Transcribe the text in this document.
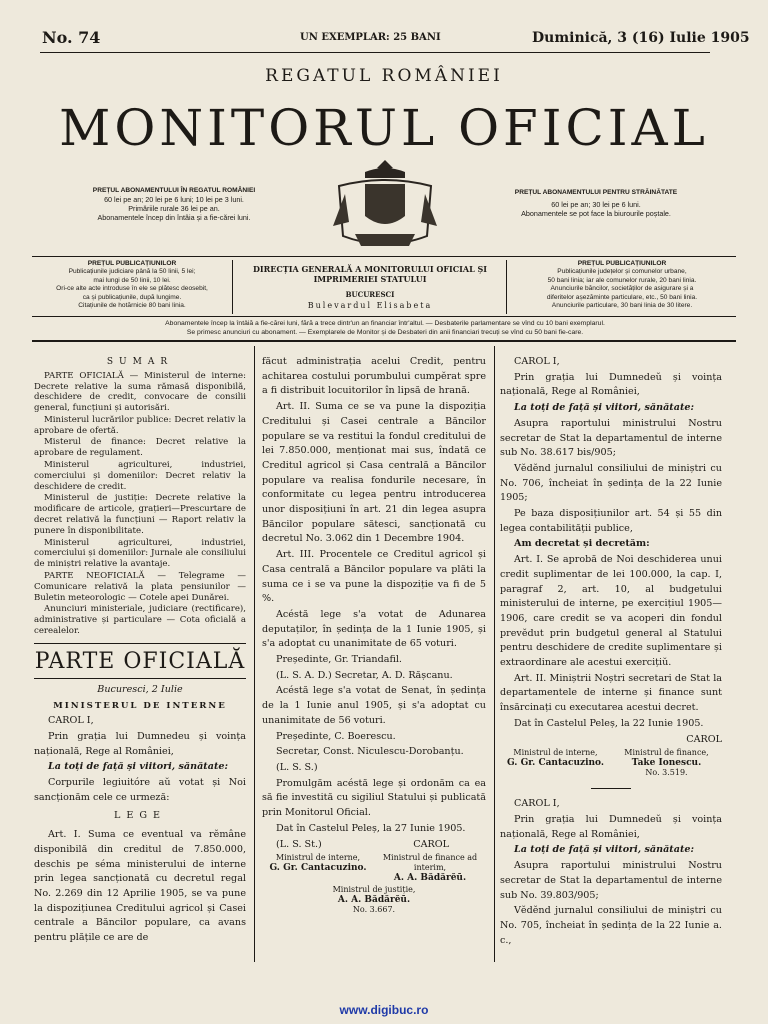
No. 74	UN EXEMPLAR: 25 BANI	Duminică, 3 (16) Iulie 1905
REGATUL ROMÂNIEI
MONITORUL OFICIAL
PREȚUL ABONAMENTULUI ÎN REGATUL ROMÂNIEI
60 lei pe an; 20 lei pe 6 luni; 10 lei pe 3 luni.
Primăriile rurale 36 lei pe an.
Abonamentele încep din întâia și a fie-cărei luni.
PREȚUL ABONAMENTULUI PENTRU STRĂINĂTATE
60 lei pe an; 30 lei pe 6 luni.
Abonamentele se pot face la biurourile poștale.
PREȚUL PUBLICAȚIUNILOR
Publicațiunile judiciare până la 50 linii, 5 lei;
mai lungi de 50 linii, 10 lei.
Ori-ce alte acte introduse în ele se plătesc deosebit,
ca și publicațiunile, după lungime.
Citațiunile de hotărnicie 80 bani linia.
DIRECȚIA GENERALĂ A MONITORULUI OFICIAL ȘI IMPRIMERIEI STATULUI
BUCURESCI
Bulevardul Elisabeta
PREȚUL PUBLICAȚIUNILOR
Publicațiunile județelor și comunelor urbane,
50 bani linia; iar ale comunelor rurale, 20 bani linia.
Anunciurile băncilor, societăților de asigurare și a
diferitelor așezăminte particulare, etc., 50 bani linia.
Anunciurile particulare, 30 bani linia de 30 litere.
Abonamentele încep la întâiă a fie-cărei luni, fără a trece dintr'un an financiar într'altul. — Desbaterile parlamentare se vînd cu 10 bani exemplarul.
Se primesc anunciuri cu abonament. — Exemplarele de Monitor și de Desbateri din anii financiari trecuți se vînd cu 50 bani fie-care.

SUMAR

PARTE OFICIALĂ — Ministerul de interne: Decrete relative la suma rămasă disponibilă, deschidere de credit, convocare de consilii general, funcțiuni și autorisări.

Ministerul lucrărilor publice: Decret relativ la aprobare de ofertă.

Misterul de finance: Decret relative la aprobare de regulament.

Ministerul agriculturei, industriei, comerciului și domeniilor: Decret relativ la deschidere de credit.

Ministerul de justiție: Decrete relative la modificare de articole, grațieri—Prescurtare de decret relativă la funcțiuni — Raport relativ la punere în disponibilitate.

Ministerul agriculturei, industriei, comerciului și domeniilor: Jurnale ale consiliului de miniștri relative la avantaje.

PARTE NEOFICIALĂ — Telegrame — Comunicare relativă la plata pensiunilor — Buletin meteorologic — Cotele apei Dunărei.

Anunciuri ministeriale, judiciare (rectificare), administrative și particulare — Cota oficială a cerealelor.

PARTE OFICIALĂ

Bucuresci, 2 Iulie

MINISTERUL DE INTERNE

CAROL I,

Prin grația lui Dumnedeu și voința națională, Rege al României,

La toți de față și viitori, sănătate:

Corpurile legiuitóre aŭ votat și Noi sancționăm cele ce urmeză:

LEGE

Art. I. Suma ce eventual va rĕmâne disponibilă din creditul de 7.850.000, deschis pe séma ministerului de interne prin legea sancționată cu decretul regal No. 2.269 din 12 Aprilie 1905, se va pune la dispozițiunea Creditului agricol și Casei centrale a Băncilor populare, ca avans pentru plățile ce are de

făcut administrația acelui Credit, pentru achitarea costului porumbului cumpĕrat spre a fi distribuit locuitorilor în lipsă de hrană.

Art. II. Suma ce se va pune la dispoziția Creditului și Casei centrale a Băncilor populare se va restitui la fondul creditului de lei 7.850.000, menționat mai sus, îndată ce Creditul agricol și Casa centrală a Băncilor populare va realisa fondurile necesare, în conformitate cu legea pentru introducerea unor disposițiuni în art. 21 din legea asupra Băncilor populare sătesci, sancționată cu decretul No. 3.062 din 1 Decembre 1904.

Art. III. Procentele ce Creditul agricol și Casa centrală a Băncilor populare va plăti la suma ce i se va pune la dispoziție va fi de 5 %.

Acéstă lege s'a votat de Adunarea deputaților, în ședința de la 1 Iunie 1905, și s'a adoptat cu unanimitate de 65 voturi.

Președinte, Gr. Triandafil.

(L. S. A. D.) Secretar, A. D. Rășcanu.

Acéstă lege s'a votat de Senat, în ședința de la 1 Iunie anul 1905, și s'a adoptat cu unanimitate de 56 voturi.

Președinte, C. Boerescu.

Secretar, Const. Niculescu-Dorobanțu.

(L. S. S.)

Promulgăm acéstă lege și ordonăm ca ea să fie investită cu sigiliul Statului și publicată prin Monitorul Oficial.

Dat în Castelul Peleș, la 27 Iunie 1905.

(L. S. St.)                              CAROL

Ministrul de interne,
G. Gr. Cantacuzino.
Ministrul de finance ad interim,
A. A. Bădărĕū.
Ministrul de justiție,
A. A. Bădărĕū.
No. 3.667.

CAROL I,

Prin grația lui Dumnedeŭ și voința națională, Rege al României,

La toți de față și viitori, sănătate:

Asupra raportului ministrului Nostru secretar de Stat la departamentul de interne sub No. 38.617 bis/905;

Vĕdĕnd jurnalul consiliului de miniștri cu No. 706, încheiat în ședința de la 22 Iunie 1905;

Pe baza disposițiunilor art. 54 și 55 din legea contabilității publice,

Am decretat și decretăm:

Art. I. Se aprobă de Noi deschiderea unui credit suplimentar de lei 100.000, la cap. I, paragraf 2, art. 10, al budgetului ministerului de interne, pe exercițiul 1905—1906, care credit se va acoperi din fondul prevĕdut prin budgetul general al Statului pentru deschidere de credite suplimentare și extraordinare ale acestui exercițiŭ.

Art. II. Miniștrii Noștri secretari de Stat la departamentele de interne și finance sunt însărcinați cu executarea acestui decret.

Dat în Castelul Peleș, la 22 Iunie 1905.

CAROL

Ministrul de interne,
G. Gr. Cantacuzino.
Ministrul de finance,
Take Ionescu.
No. 3.519.

CAROL I,

Prin grația lui Dumnedeŭ și voința națională, Rege al României,

La toți de față și viitori, sănătate:

Asupra raportului ministrului Nostru secretar de Stat la departamentul de interne sub No. 39.803/905;

Vĕdĕnd jurnalul consiliului de miniștri cu No. 705, încheiat în ședința de la 22 Iunie a. c.,

www.digibuc.ro
